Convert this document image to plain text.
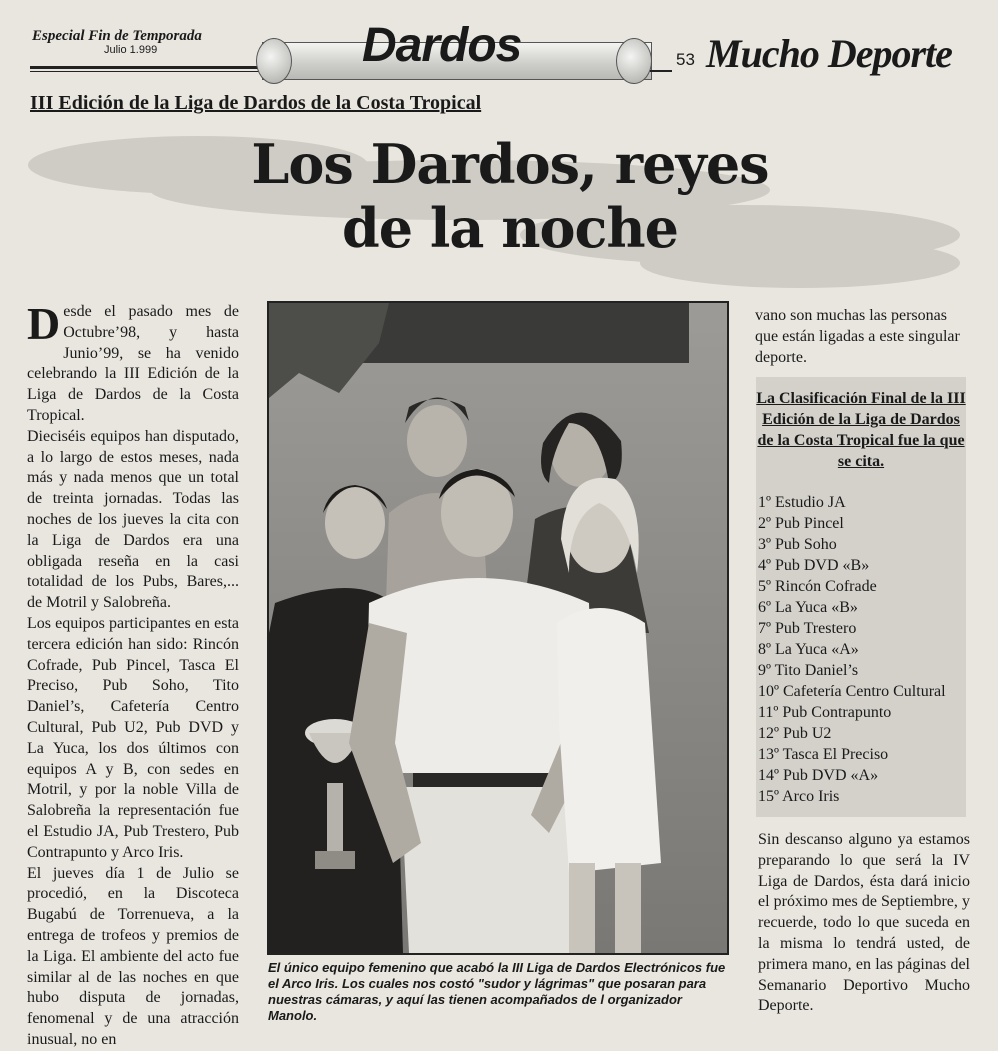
Especial Fin de Temporada
Julio 1.999	Dardos	53 Mucho Deporte
III Edición de la Liga de Dardos de la Costa Tropical
Los Dardos, reyes
de la noche

Desde el pasado mes de Octubre’98, y hasta Junio’99, se ha venido celebrando la III Edición de la Liga de Dardos de la Costa Tropical.

Dieciséis equipos han disputado, a lo largo de estos meses, nada más y nada menos que un total de treinta jornadas. Todas las noches de los jueves la cita con la Liga de Dardos era una obligada reseña en la casi totalidad de los Pubs, Bares,... de Motril y Salobreña.

Los equipos participantes en esta tercera edición han sido: Rincón Cofrade, Pub Pincel, Tasca El Preciso, Pub Soho, Tito Daniel’s, Cafetería Centro Cultural, Pub U2, Pub DVD y La Yuca, los dos últimos con equipos A y B, con sedes en Motril, y por la noble Villa de Salobreña la representación fue el Estudio JA, Pub Trestero, Pub Contrapunto y Arco Iris.

El jueves día 1 de Julio se procedió, en la Discoteca Bugabú de Torrenueva, a la entrega de trofeos y premios de la Liga. El ambiente del acto fue similar al de las noches en que hubo disputa de jornadas, fenomenal y de una atracción inusual, no en

El único equipo femenino que acabó la III Liga de Dardos Electrónicos fue el Arco Iris. Los cuales nos costó "sudor y lágrimas" que posaran para nuestras cámaras, y aquí las tienen acompañados de l organizador Manolo.
vano son muchas las personas que están ligadas a este singular deporte.
La Clasificación Final de la III Edición de la Liga de Dardos de la Costa Tropical fue la que se cita.
1º Estudio JA
2º Pub Pincel
3º Pub Soho
4º Pub DVD «B»
5º Rincón Cofrade
6º La Yuca «B»
7º Pub Trestero
8º La Yuca «A»
9º Tito Daniel’s
10º Cafetería Centro Cultural
11º Pub Contrapunto
12º Pub U2
13º Tasca El Preciso
14º Pub DVD «A»
15º Arco Iris
Sin descanso alguno ya estamos preparando lo que será la IV Liga de Dardos, ésta dará inicio el próximo mes de Septiembre, y recuerde, todo lo que suceda en la misma lo tendrá usted, de primera mano, en las páginas del Semanario Deportivo Mucho Deporte.
